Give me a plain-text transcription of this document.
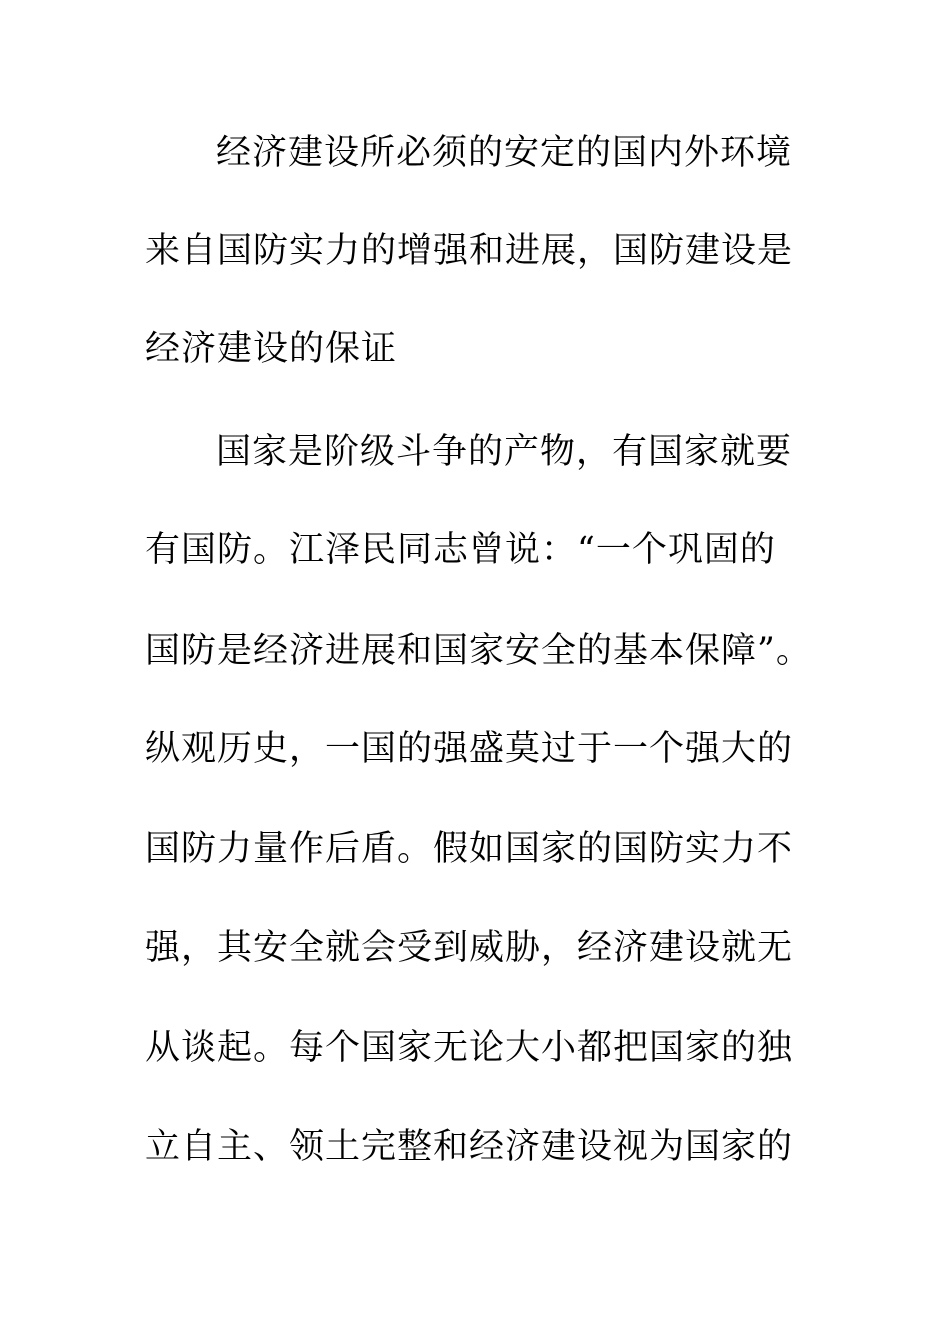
经济建设所必须的安定的国内外环境
来自国防实力的增强和进展，国防建设是
经济建设的保证
国家是阶级斗争的产物，有国家就要
有国防。江泽民同志曾说：“一个巩固的
国防是经济进展和国家安全的基本保障”。
纵观历史，一国的强盛莫过于一个强大的
国防力量作后盾。假如国家的国防实力不
强，其安全就会受到威胁，经济建设就无
从谈起。每个国家无论大小都把国家的独
立自主、领土完整和经济建设视为国家的
